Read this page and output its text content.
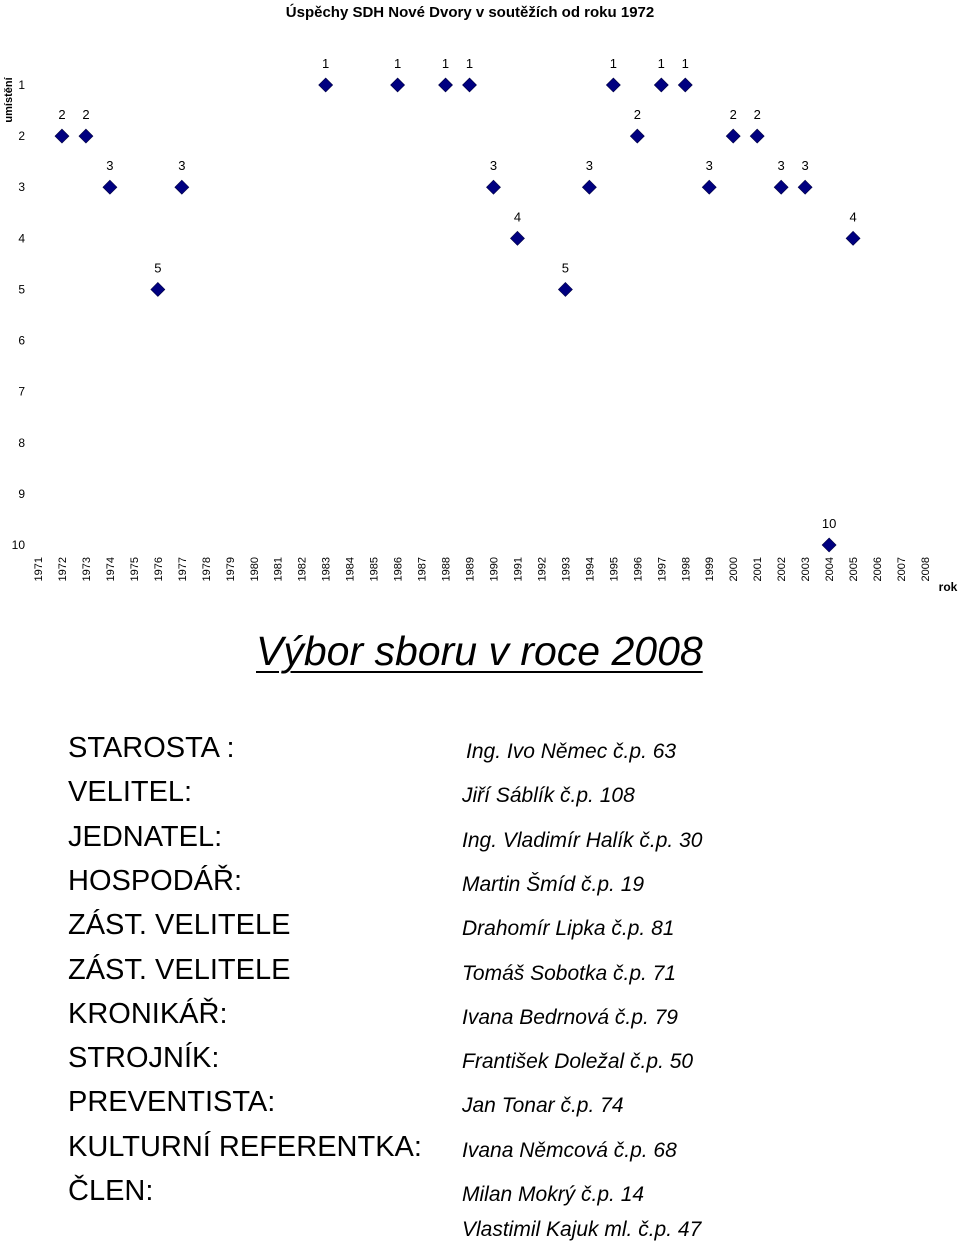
Úspěchy SDH Nové Dvory v soutěžích od roku 1972
umístění 1
2
3
4
5
6
7
8
9
10
1971 1972 1973 1974 1975 1976 1977 1978 1979 1980 1981 1982 1983 1984 1985 1986 1987 1988 1989 1990 1991 1992 1993 1994 1995 1996 1997 1998 1999 2000 2001 2002 2003 2004 2005 2006 2007 2008
rok
2 2
3
5
3
1	1	1 1
3
4
5
3
1
2
1 1
3
2 2
3 3
10
4
Výbor sboru v roce 2008
STAROSTA :	Ing. Ivo Němec č.p. 63
VELITEL:	Jiří Sáblík č.p. 108
JEDNATEL:	Ing. Vladimír Halík č.p. 30
HOSPODÁŘ:	Martin Šmíd č.p. 19
ZÁST. VELITELE	Drahomír Lipka č.p. 81
ZÁST. VELITELE	Tomáš Sobotka č.p. 71
KRONIKÁŘ:	Ivana Bedrnová č.p. 79
STROJNÍK:	František Doležal č.p. 50
PREVENTISTA:	Jan Tonar č.p. 74
KULTURNÍ REFERENTKA: Ivana Němcová č.p. 68
ČLEN:	Milan Mokrý č.p. 14
Vlastimil Kajuk ml. č.p. 47
